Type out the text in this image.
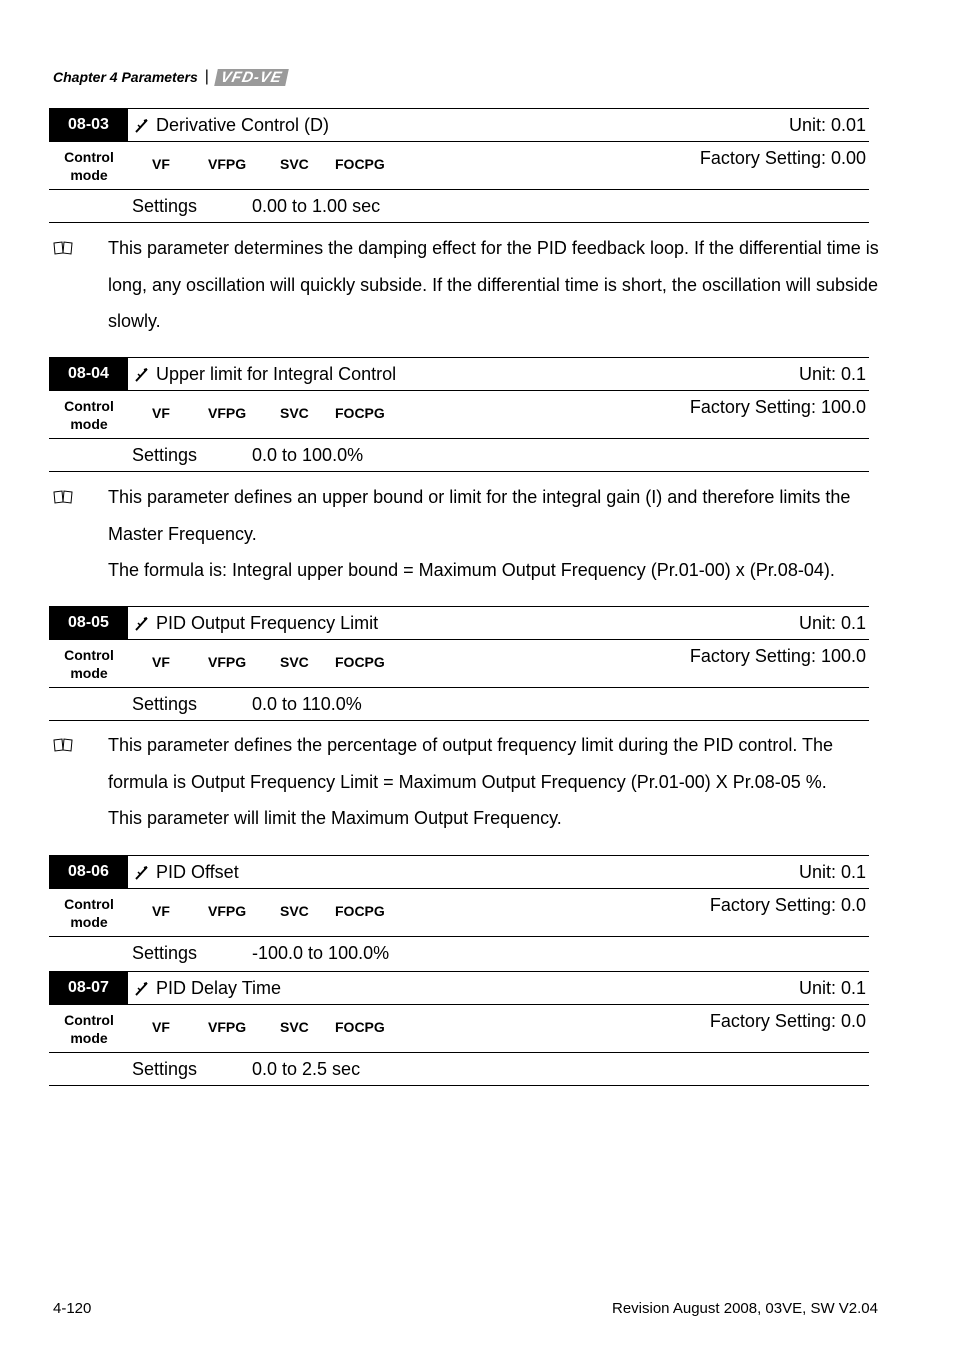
Chapter 4 Parameters | VFD-VE
08-03	Derivative Control (D)	Unit: 0.01
Control
mode
VF	VFPG SVC FOCPG	Factory Setting: 0.00
Settings	0.00 to 1.00 sec
This parameter determines the damping effect for the PID feedback loop. If the differential time is long, any oscillation will quickly subside. If the differential time is short, the oscillation will subside slowly.
08-04	Upper limit for Integral Control	Unit: 0.1
Control
mode
VF	VFPG SVC FOCPG	Factory Setting: 100.0
Settings	0.0 to 100.0%
This parameter defines an upper bound or limit for the integral gain (I) and therefore limits the Master Frequency.
The formula is: Integral upper bound = Maximum Output Frequency (Pr.01-00) x (Pr.08-04).
08-05	PID Output Frequency Limit	Unit: 0.1
Control
mode
VF	VFPG SVC FOCPG	Factory Setting: 100.0
Settings	0.0 to 110.0%
This parameter defines the percentage of output frequency limit during the PID control. The formula is Output Frequency Limit = Maximum Output Frequency (Pr.01-00) X Pr.08-05 %.
This parameter will limit the Maximum Output Frequency.
08-06	PID Offset	Unit: 0.1
Control
mode
VF	VFPG SVC FOCPG	Factory Setting: 0.0
Settings	-100.0 to 100.0%
08-07	PID Delay Time	Unit: 0.1
Control
mode
VF	VFPG SVC FOCPG	Factory Setting: 0.0
Settings	0.0 to 2.5 sec
4-120	Revision August 2008, 03VE, SW V2.04
